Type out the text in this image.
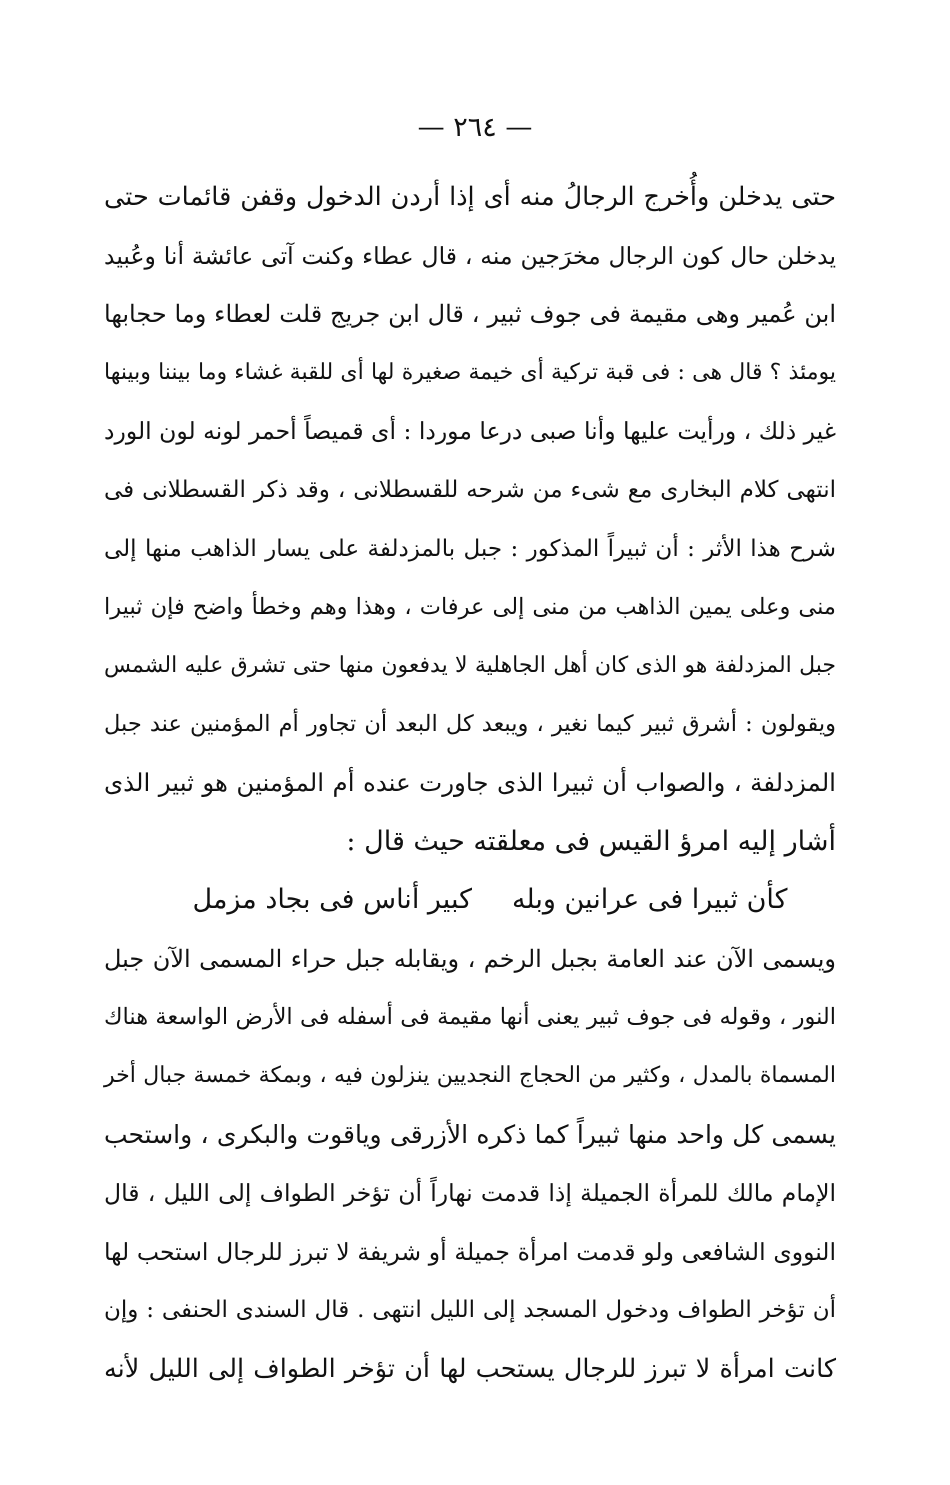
— ٢٦٤ —
حتى يدخلن وأُخرج الرجالُ منه أى إذا أردن الدخول وقفن قائمات حتى
يدخلن حال كون الرجال مخرَجين منه ، قال عطاء وكنت آتى عائشة أنا وعُبيد
ابن عُمير وهى مقيمة فى جوف ثبير ، قال ابن جريج قلت لعطاء وما حجابها
يومئذ ؟ قال هى : فى قبة تركية أى خيمة صغيرة لها أى للقبة غشاء وما بيننا وبينها
غير ذلك ، ورأيت عليها وأنا صبى درعا موردا : أى قميصاً أحمر لونه لون الورد
انتهى كلام البخارى مع شىء من شرحه للقسطلانى ، وقد ذكر القسطلانى فى
شرح هذا الأثر : أن ثبيراً المذكور : جبل بالمزدلفة على يسار الذاهب منها إلى
منى وعلى يمين الذاهب من منى إلى عرفات ، وهذا وهم وخطأ واضح فإن ثبيرا
جبل المزدلفة هو الذى كان أهل الجاهلية لا يدفعون منها حتى تشرق عليه الشمس
ويقولون : أشرق ثبير كيما نغير ، ويبعد كل البعد أن تجاور أم المؤمنين عند جبل
المزدلفة ، والصواب أن ثبيرا الذى جاورت عنده أم المؤمنين هو ثبير الذى
أشار إليه امرؤ القيس فى معلقته حيث قال :
كأن ثبيرا فى عرانين وبله
كبير أناس فى بجاد مزمل
ويسمى الآن عند العامة بجبل الرخم ، ويقابله جبل حراء المسمى الآن جبل
النور ، وقوله فى جوف ثبير يعنى أنها مقيمة فى أسفله فى الأرض الواسعة هناك
المسماة بالمدل ، وكثير من الحجاج النجديين ينزلون فيه ، وبمكة خمسة جبال أخر
يسمى كل واحد منها ثبيراً كما ذكره الأزرقى وياقوت والبكرى ، واستحب
الإمام مالك للمرأة الجميلة إذا قدمت نهاراً أن تؤخر الطواف إلى الليل ، قال
النووى الشافعى ولو قدمت امرأة جميلة أو شريفة لا تبرز للرجال استحب لها
أن تؤخر الطواف ودخول المسجد إلى الليل انتهى . قال السندى الحنفى : وإن
كانت امرأة لا تبرز للرجال يستحب لها أن تؤخر الطواف إلى الليل لأنه
